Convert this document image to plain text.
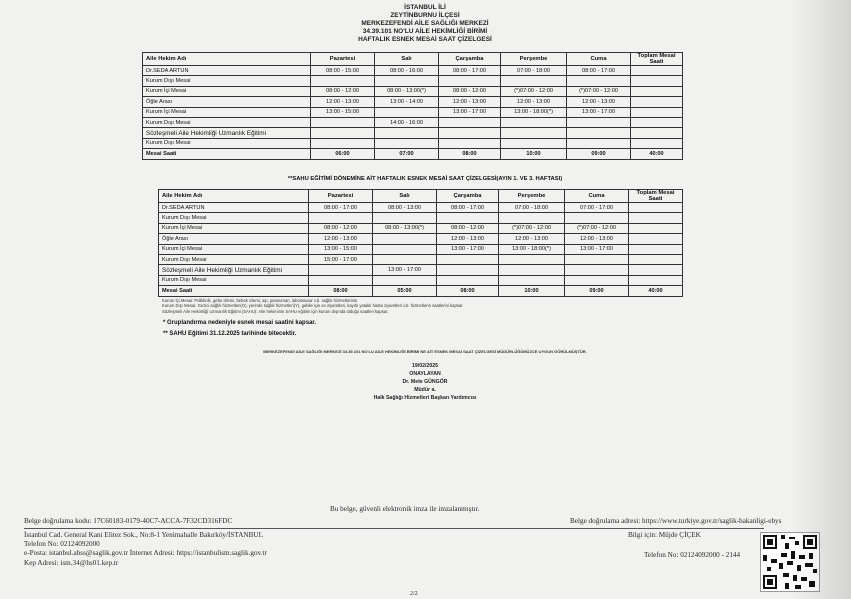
İSTANBUL İLİ
ZEYTİNBURNU İLÇESİ
MERKEZEFENDİ AİLE SAĞLIĞI MERKEZİ
34.39.101 NO'LU AİLE HEKİMLİĞİ BİRİMİ
HAFTALIK ESNEK MESAİ SAAT ÇİZELGESİ
Aile Hekim Adı	Pazartesi	Salı	Çarşamba	Perşembe	Cuma	Toplam Mesai Saati
Dr.SEDA ARTUN	08:00 - 15:00	08:00 - 16:00	08:00 - 17:00	07:00 - 18:00	08:00 - 17:00	
Kurum Dışı Mesai						
Kurum İçi Mesai	08:00 - 12:00	08:00 - 13:00(*)	08:00 - 12:00	(*)07:00 - 12:00	(*)07:00 - 12:00	
Öğle Arası	12:00 - 13:00	13:00 - 14:00	12:00 - 13:00	12:00 - 13:00	12:00 - 13:00	
Kurum İçi Mesai	13:00 - 15:00		13:00 - 17:00	13:00 - 18:00(*)	13:00 - 17:00	
Kurum Dışı Mesai		14:00 - 16:00				
Sözleşmeli Aile Hekimliği Uzmanlık Eğitimi						
Kurum Dışı Mesai						
Mesai Saati	06:00	07:00	08:00	10:00	09:00	40:00
**SAHU EĞİTİMİ DÖNEMİNE AİT HAFTALIK ESNEK MESAİ SAAT ÇİZELGESİ(AYIN 1. VE 3. HAFTASI)
Aile Hekim Adı	Pazartesi	Salı	Çarşamba	Perşembe	Cuma	Toplam Mesai Saati
Dr.SEDA ARTUN	08:00 - 17:00	08:00 - 13:00	08:00 - 17:00	07:00 - 18:00	07:00 - 17:00	
Kurum Dışı Mesai						
Kurum İçi Mesai	08:00 - 12:00	08:00 - 13:00(*)	08:00 - 12:00	(*)07:00 - 12:00	(*)07:00 - 12:00	
Öğle Arası	12:00 - 13:00		12:00 - 13:00	12:00 - 13:00	12:00 - 13:00	
Kurum İçi Mesai	13:00 - 15:00		13:00 - 17:00	13:00 - 18:00(*)	13:00 - 17:00	
Kurum Dışı Mesai	15:00 - 17:00					
Sözleşmeli Aile Hekimliği Uzmanlık Eğitimi		13:00 - 17:00				
Kurum Dışı Mesai						
Mesai Saati	08:00	05:00	08:00	10:00	09:00	40:00
Kurum İçi Mesai: Poliklinik, gebe izlemi, bebek izlemi, aşı, pansuman, laboratuvar v.b. sağlık hizmetlerinin
Kurum Dışı Mesai: Gezici sağlık hizmetleri(G), yerinde sağlık hizmetleri(Y), gebile için ev ziyaretleri, kayıtlı yataklı hasta ziyaretleri v.b. hizmetlerin saatlerini kapsar.
Sözleşmeli Aile Hekimliği Uzmanlık Eğitimi (SAHU): Aile hekiminin SAHU eğitimi için kurum dışında olduğu saatleri kapsar.
* Gruplandırma nedeniyle esnek mesai saatini kapsar.
** SAHU Eğitimi 31.12.2025 tarihinde bitecektir.
MERKEZEFENDİ AİLE SAĞLIĞI MERKEZİ 34.39.101 NO'LU AİLE HEKİMLİĞİ BİRİMİ NE AİT ESNEK MESAİ SAAT ÇİZELGESİ MÜDÜRLÜĞÜMÜZCE UYGUN GÖRÜLMÜŞTÜR.
19/02/2025
ONAYLAYAN
Dr. Mete GÜNGÖR
Müdür a.
Halk Sağlığı Hizmetleri Başkan Yardımcısı
Bu belge, güvenli elektronik imza ile imzalanmıştır.
Belge doğrulama kodu: 17C60183-0179-40C7-ACCA-7F32CD316FDC	Belge doğrulama adresi: https://www.turkiye.gov.tr/saglik-bakanligi-ebys
İstanbul Cad. General Kani Elitez Sok., No:8-1 Yenimahalle Bakırköy/İSTANBUL	Bilgi için: Müjde ÇİÇEK
Telefon No: 02124092000
e-Posta: istanbul.abss@saglik.gov.tr İnternet Adresi: https://istanbulism.saglik.gov.tr	Telefon No: 02124092000 - 2144
Kep Adresi: ism.34@hs01.kep.tr
2/2
